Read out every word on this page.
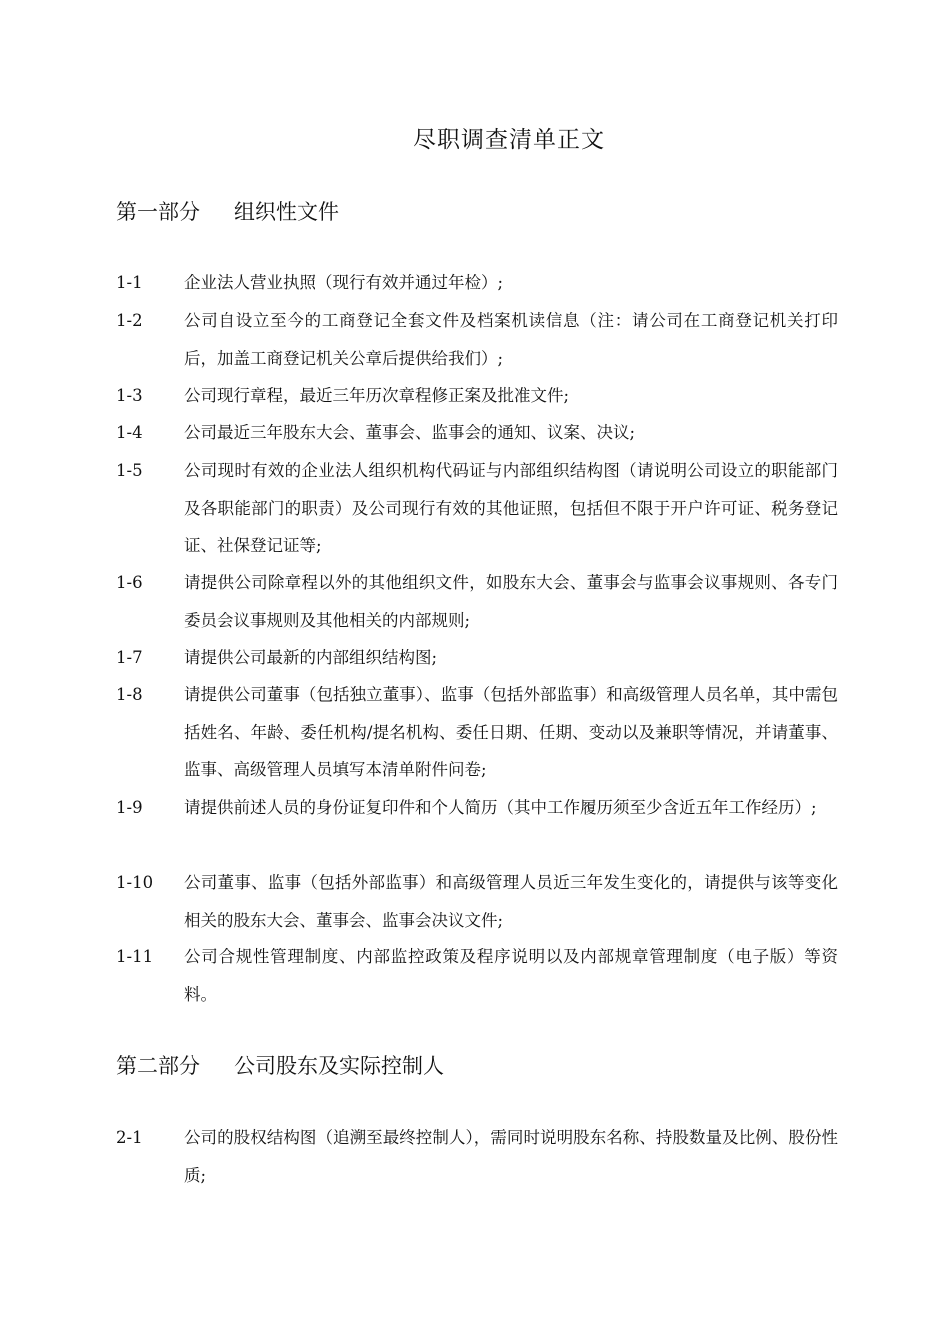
尽职调查清单正文
第一部分 组织性文件
1-1	企业法人营业执照（现行有效并通过年检）;
1-2	公司自设立至今的工商登记全套文件及档案机读信息（注：请公司在工商登记机关打印后，加盖工商登记机关公章后提供给我们）;
1-3	公司现行章程，最近三年历次章程修正案及批准文件;
1-4	公司最近三年股东大会、董事会、监事会的通知、议案、决议;
1-5	公司现时有效的企业法人组织机构代码证与内部组织结构图（请说明公司设立的职能部门及各职能部门的职责）及公司现行有效的其他证照，包括但不限于开户许可证、税务登记证、社保登记证等;
1-6	请提供公司除章程以外的其他组织文件，如股东大会、董事会与监事会议事规则、各专门委员会议事规则及其他相关的内部规则;
1-7	请提供公司最新的内部组织结构图;
1-8	请提供公司董事（包括独立董事）、监事（包括外部监事）和高级管理人员名单，其中需包括姓名、年龄、委任机构/提名机构、委任日期、任期、变动以及兼职等情况，并请董事、监事、高级管理人员填写本清单附件问卷;
1-9	请提供前述人员的身份证复印件和个人简历（其中工作履历须至少含近五年工作经历）;
1-10	公司董事、监事（包括外部监事）和高级管理人员近三年发生变化的，请提供与该等变化相关的股东大会、董事会、监事会决议文件;
1-11	公司合规性管理制度、内部监控政策及程序说明以及内部规章管理制度（电子版）等资料。
第二部分 公司股东及实际控制人
2-1	公司的股权结构图（追溯至最终控制人），需同时说明股东名称、持股数量及比例、股份性质;
